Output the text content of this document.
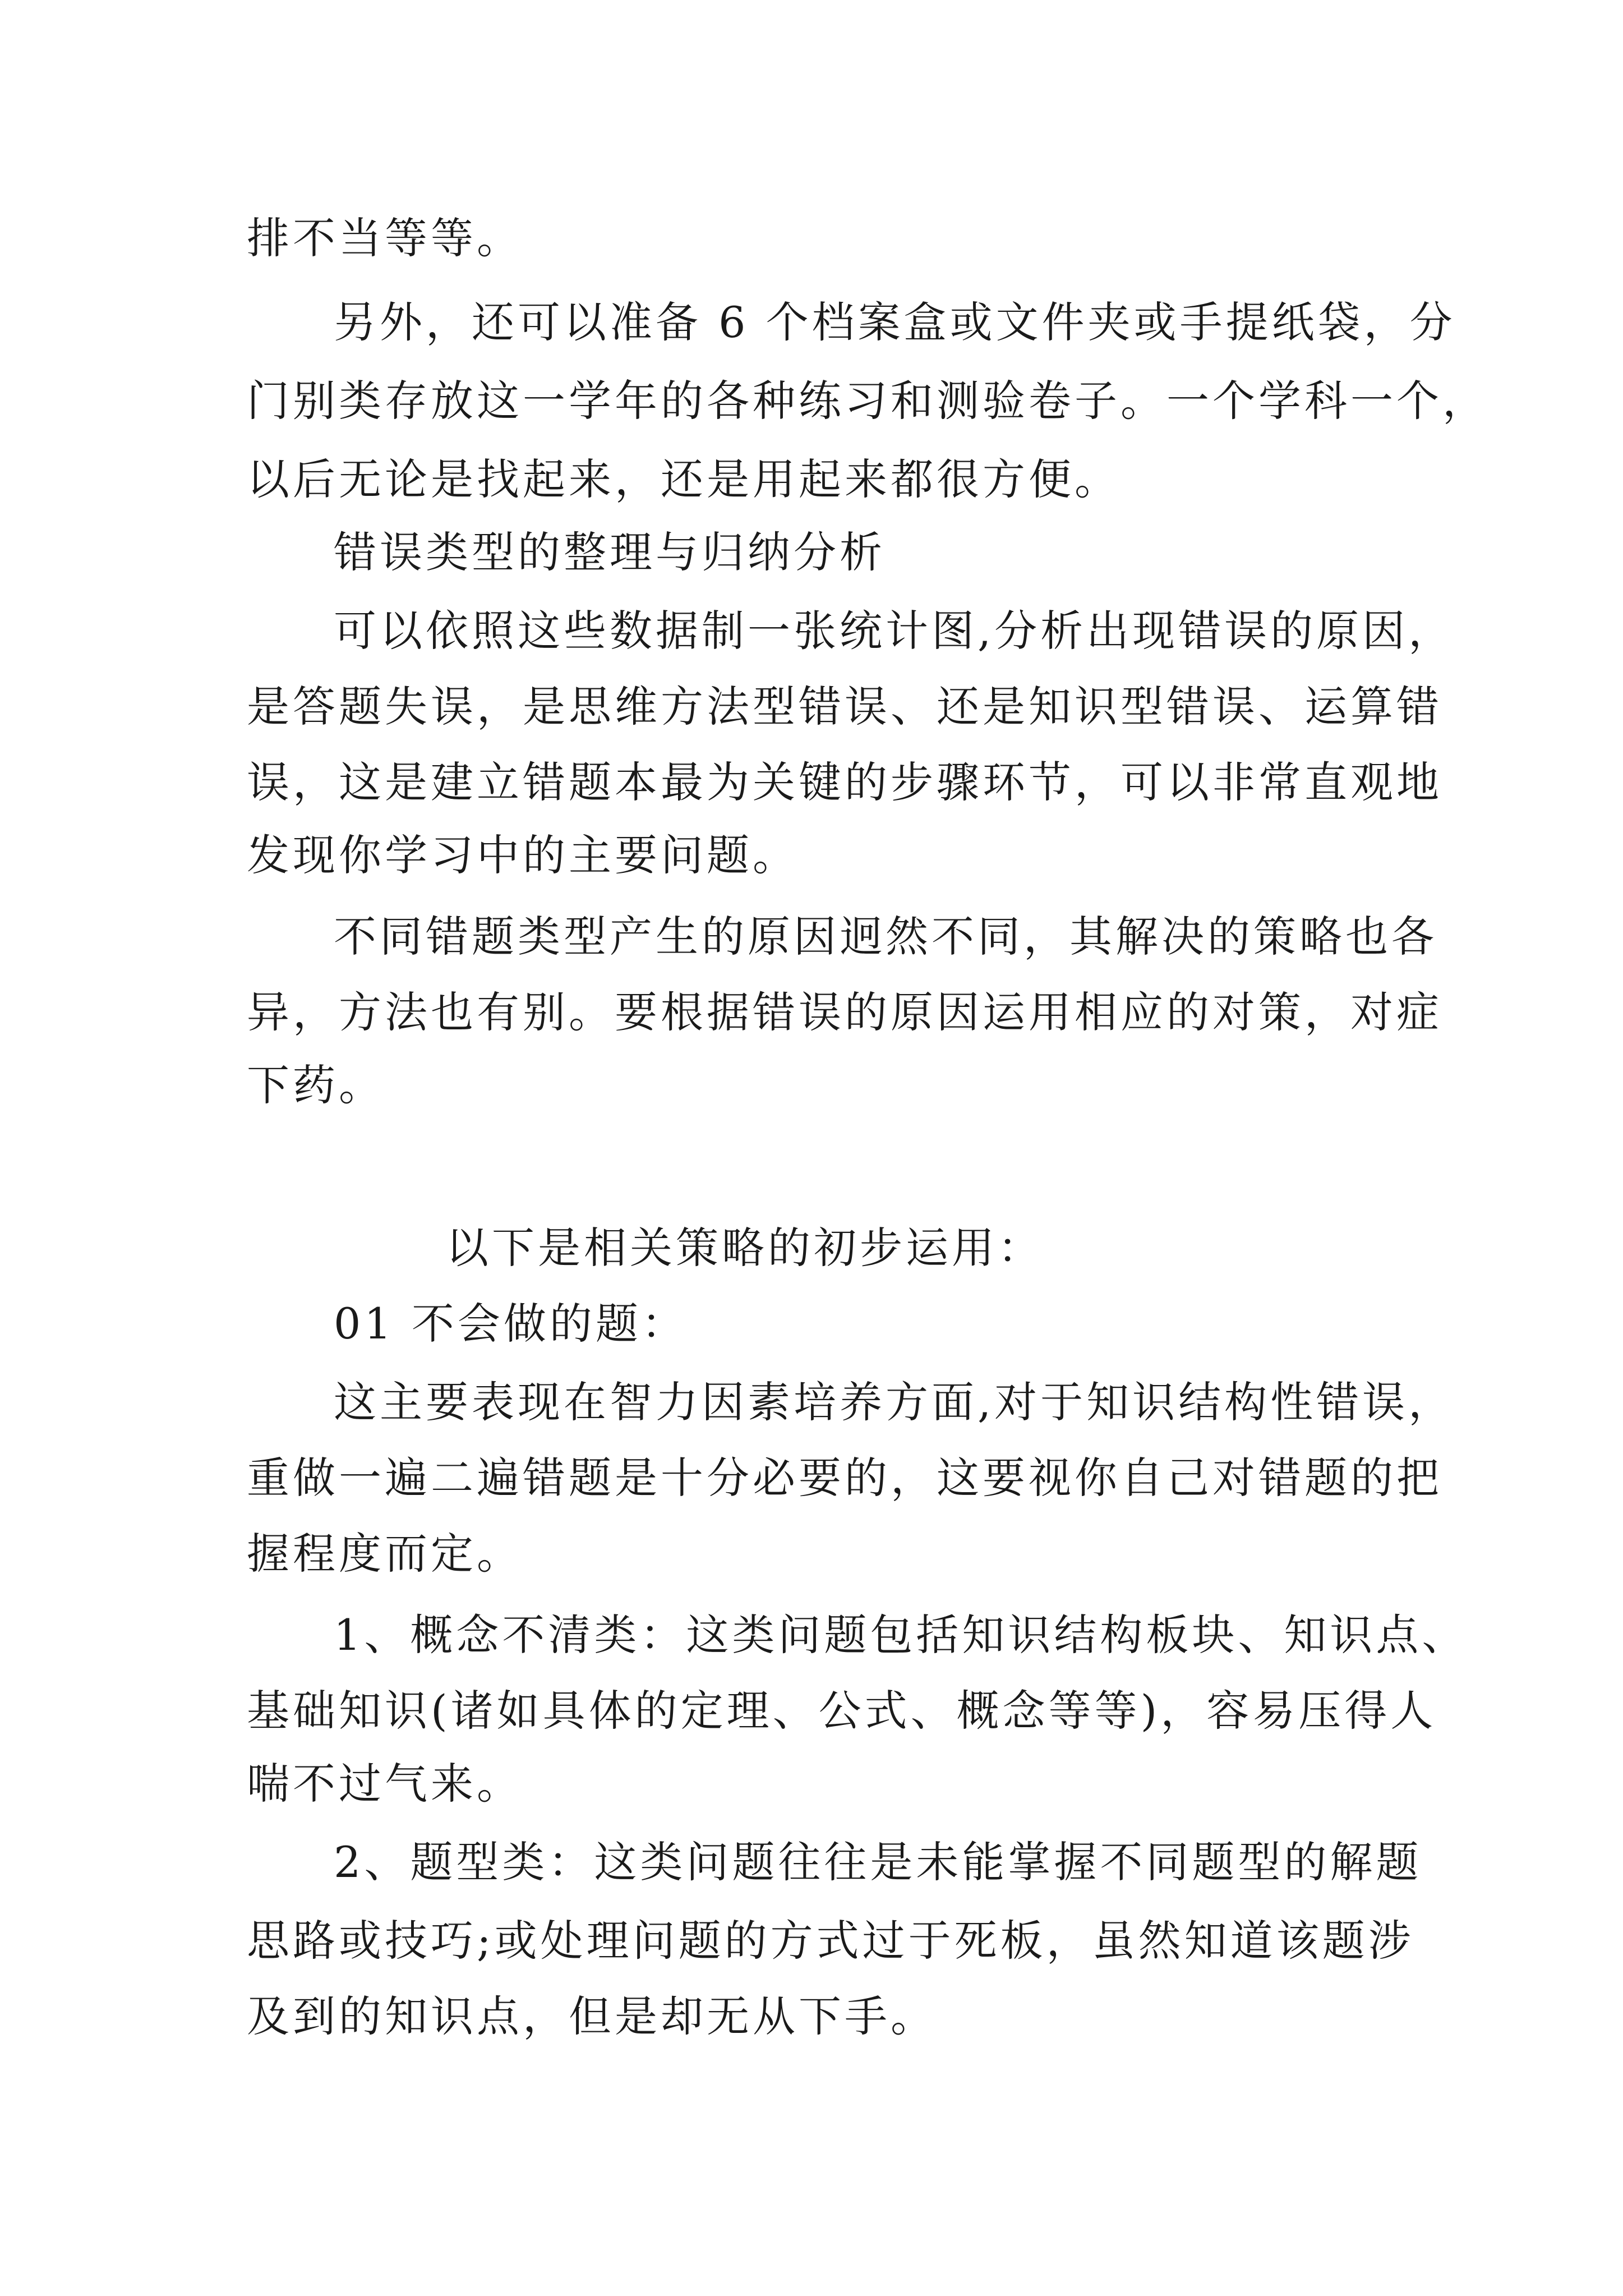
排不当等等。
另外，还可以准备 6 个档案盒或文件夹或手提纸袋，分
门别类存放这一学年的各种练习和测验卷子。一个学科一个，
以后无论是找起来，还是用起来都很方便。
错误类型的整理与归纳分析
可以依照这些数据制一张统计图,分析出现错误的原因，
是答题失误，是思维方法型错误、还是知识型错误、运算错
误，这是建立错题本最为关键的步骤环节，可以非常直观地
发现你学习中的主要问题。
不同错题类型产生的原因迥然不同，其解决的策略也各
异，方法也有别。要根据错误的原因运用相应的对策，对症
下药。
以下是相关策略的初步运用：
01 不会做的题：
这主要表现在智力因素培养方面,对于知识结构性错误，
重做一遍二遍错题是十分必要的，这要视你自己对错题的把
握程度而定。
1、概念不清类：这类问题包括知识结构板块、知识点、
基础知识(诸如具体的定理、公式、概念等等)，容易压得人
喘不过气来。
2、题型类：这类问题往往是未能掌握不同题型的解题
思路或技巧;或处理问题的方式过于死板，虽然知道该题涉
及到的知识点，但是却无从下手。
